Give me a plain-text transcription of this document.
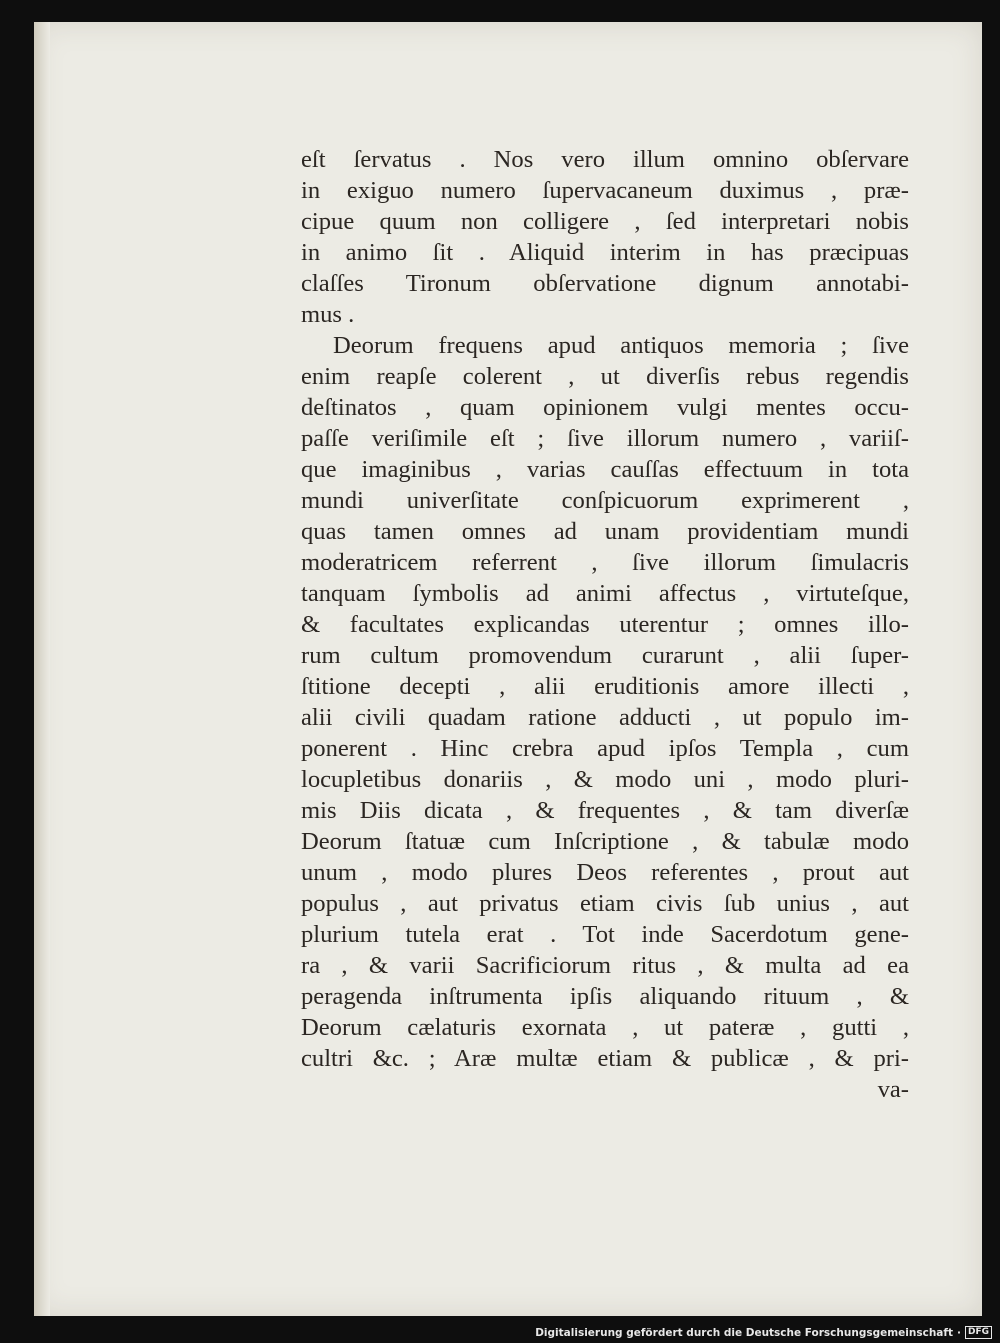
eſt ſervatus . Nos vero illum omnino obſervare
in exiguo numero ſupervacaneum duximus , præ-
cipue quum non colligere , ſed interpretari nobis
in animo ſit . Aliquid interim in has præcipuas
claſſes Tironum obſervatione dignum annotabi-
mus .
Deorum frequens apud antiquos memoria ; ſive
enim reapſe colerent , ut diverſis rebus regendis
deſtinatos , quam opinionem vulgi mentes occu-
paſſe veriſimile eſt ; ſive illorum numero , variiſ-
que imaginibus , varias cauſſas effectuum in tota
mundi univerſitate conſpicuorum exprimerent ,
quas tamen omnes ad unam providentiam mundi
moderatricem referrent , ſive illorum ſimulacris
tanquam ſymbolis ad animi affectus , virtuteſque,
& facultates explicandas uterentur ; omnes illo-
rum cultum promovendum curarunt , alii ſuper-
ſtitione decepti , alii eruditionis amore illecti ,
alii civili quadam ratione adducti , ut populo im-
ponerent . Hinc crebra apud ipſos Templa , cum
locupletibus donariis , & modo uni , modo pluri-
mis Diis dicata , & frequentes , & tam diverſæ
Deorum ſtatuæ cum Inſcriptione , & tabulæ modo
unum , modo plures Deos referentes , prout aut
populus , aut privatus etiam civis ſub unius , aut
plurium tutela erat . Tot inde Sacerdotum gene-
ra , & varii Sacrificiorum ritus , & multa ad ea
peragenda inſtrumenta ipſis aliquando rituum , &
Deorum cælaturis exornata , ut pateræ , gutti ,
cultri &c. ; Aræ multæ etiam & publicæ , & pri-
va-
Digitalisierung gefördert durch die Deutsche Forschungsgemeinschaft · DFG
